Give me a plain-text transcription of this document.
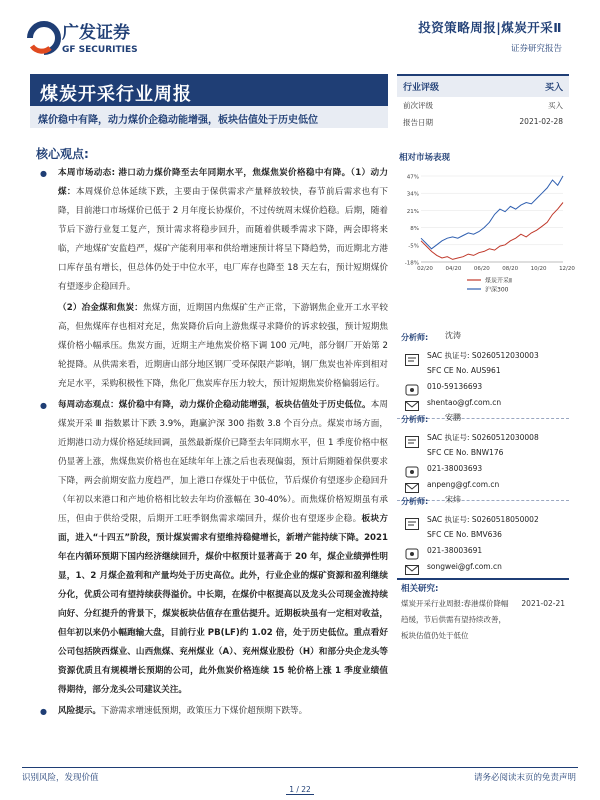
广发证券
GF SECURITIES
投资策略周报|煤炭开采Ⅱ
证券研究报告
煤炭开采行业周报
煤价稳中有降，动力煤价企稳动能增强，板块估值处于历史低位
核心观点:
● 本周市场动态: 港口动力煤价降至去年同期水平，焦煤焦炭价格稳中有降。（1）动力煤：本周煤价总体延续下跌，主要由于保供需求产量释放较快，春节前后需求也有下降，目前港口市场煤价已低于 2 月年度长协煤价，不过传统周末煤价趋稳。后期，随着节后下游行业复工复产，预计需求将稳步回升，而随着供暖季需求下降，两会即将来临，产地煤矿安监趋严，煤矿产能利用率和供给增速预计将呈下降趋势，而近期北方港口库存虽有增长，但总体仍处于中位水平，电厂库存也降至 18 天左右，预计短期煤价有望逐步企稳回升。
（2）冶金煤和焦炭：焦煤方面，近期国内焦煤矿生产正常，下游钢焦企业开工水平较高，但焦煤库存也相对充足，焦炭降价后向上游焦煤寻求降价的诉求较强，预计短期焦煤价格小幅承压。焦炭方面，近期主产地焦炭价格下调 100 元/吨，部分钢厂开始第 2 轮提降。从供需来看，近期唐山部分地区钢厂受环保限产影响，钢厂焦炭也补库到相对充足水平，采购积极性下降，焦化厂焦炭库存压力较大，预计短期焦炭价格偏弱运行。
● 每周动态观点：煤价稳中有降，动力煤价企稳动能增强，板块估值处于历史低位。本周煤炭开采 Ⅲ 指数累计下跌 3.9%，跑赢沪深 300 指数 3.8 个百分点。煤炭市场方面，近期港口动力煤价格延续回调，虽然最新煤价已降至去年同期水平，但 1 季度价格中枢仍显著上涨，焦煤焦炭价格也在延续年年上涨之后也表现偏弱，预计后期随着保供要求下降，两会前期安监力度趋严，加上港口存煤处于中低位，节后煤价有望逐步企稳回升（年初以来港口和产地价格相比较去年均价涨幅在 30-40%）。而焦煤价格短期虽有承压，但由于供给受限，后期开工旺季钢焦需求端回升，煤价也有望逐步企稳。板块方面，进入“十四五”阶段，预计煤炭需求有望维持稳健增长，新增产能持续下降。2021 年在内循环预期下国内经济继续回升，煤价中枢预计显著高于 20 年，煤企业绩弹性明显，1、2 月煤企盈利和产量均处于历史高位。此外，行业企业的煤矿资源和盈利继续分化，优质公司有望持续获得溢价。中长期，在煤价中枢提高以及龙头公司现金流持续向好、分红提升的背景下，煤炭板块估值存在重估提升。近期板块虽有一定相对收益，但年初以来仍小幅跑输大盘，目前行业 PB(LF)约 1.02 倍，处于历史低位。重点看好公司包括陕西煤业、山西焦煤、兖州煤业（A）、兖州煤业股份（H）和部分央企龙头等资源优质且有规模增长预期的公司，此外焦炭价格连续 15 轮价格上涨 1 季度业绩值得期待，部分龙头公司建议关注。
● 风险提示。下游需求增速低预期，政策压力下煤价超预期下跌等。
行业评级	买入
前次评级	买入
报告日期	2021-02-28
相对市场表现
47%
34%
21%
8%
-5%
-18%
02/20 04/20 06/20 08/20 10/20 12/20
煤炭开采Ⅱ
沪深300
分析师: 沈涛
SAC 执证号: S0260512030003
SFC CE No. AUS961
010-59136693
shentao@gf.com.cn
分析师: 安鹏
SAC 执证号: S0260512030008
SFC CE No. BNW176
021-38003693
anpeng@gf.com.cn
分析师: 宋炜
SAC 执证号: S0260518050002
SFC CE No. BMV636
021-38003691
songwei@gf.com.cn
相关研究:
煤炭开采行业周报:春港煤价降幅趋缓，节后供需有望持续改善，板块估值仍处于低位
2021-02-21
识别风险，发现价值	请务必阅读末页的免责声明
1 / 22
